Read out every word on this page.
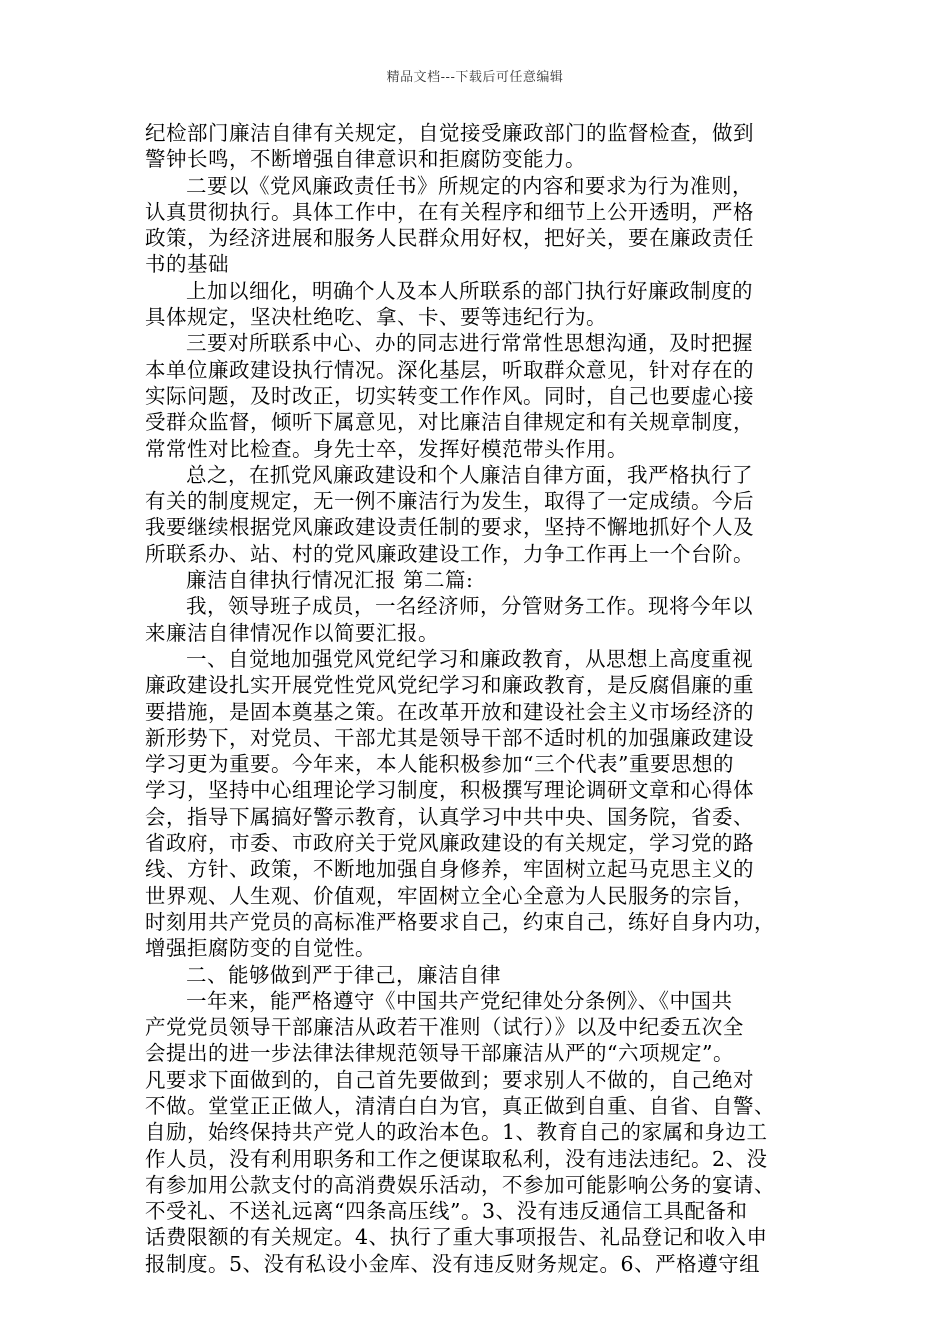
精品文档---下载后可任意编辑
纪检部门廉洁自律有关规定，自觉接受廉政部门的监督检查，做到
警钟长鸣，不断增强自律意识和拒腐防变能力。
二要以《党风廉政责任书》所规定的内容和要求为行为准则，
认真贯彻执行。具体工作中，在有关程序和细节上公开透明，严格
政策，为经济进展和服务人民群众用好权，把好关，要在廉政责任
书的基础
上加以细化，明确个人及本人所联系的部门执行好廉政制度的
具体规定，坚决杜绝吃、拿、卡、要等违纪行为。
三要对所联系中心、办的同志进行常常性思想沟通，及时把握
本单位廉政建设执行情况。深化基层，听取群众意见，针对存在的
实际问题，及时改正，切实转变工作作风。同时，自己也要虚心接
受群众监督，倾听下属意见，对比廉洁自律规定和有关规章制度，
常常性对比检查。身先士卒，发挥好模范带头作用。
总之，在抓党风廉政建设和个人廉洁自律方面，我严格执行了
有关的制度规定，无一例不廉洁行为发生，取得了一定成绩。今后
我要继续根据党风廉政建设责任制的要求，坚持不懈地抓好个人及
所联系办、站、村的党风廉政建设工作，力争工作再上一个台阶。
廉洁自律执行情况汇报 第二篇:
我，领导班子成员，一名经济师，分管财务工作。现将今年以
来廉洁自律情况作以简要汇报。
一、自觉地加强党风党纪学习和廉政教育，从思想上高度重视
廉政建设扎实开展党性党风党纪学习和廉政教育，是反腐倡廉的重
要措施，是固本奠基之策。在改革开放和建设社会主义市场经济的
新形势下，对党员、干部尤其是领导干部不适时机的加强廉政建设
学习更为重要。今年来，本人能积极参加“三个代表”重要思想的
学习，坚持中心组理论学习制度，积极撰写理论调研文章和心得体
会，指导下属搞好警示教育，认真学习中共中央、国务院，省委、
省政府，市委、市政府关于党风廉政建设的有关规定，学习党的路
线、方针、政策，不断地加强自身修养，牢固树立起马克思主义的
世界观、人生观、价值观，牢固树立全心全意为人民服务的宗旨，
时刻用共产党员的高标准严格要求自己，约束自己，练好自身内功，
增强拒腐防变的自觉性。
二、能够做到严于律己，廉洁自律
一年来，能严格遵守《中国共产党纪律处分条例》、《中国共
产党党员领导干部廉洁从政若干准则（试行）》以及中纪委五次全
会提出的进一步法律法律规范领导干部廉洁从严的“六项规定”。
凡要求下面做到的，自己首先要做到；要求别人不做的，自己绝对
不做。堂堂正正做人，清清白白为官，真正做到自重、自省、自警、
自励，始终保持共产党人的政治本色。1、教育自己的家属和身边工
作人员，没有利用职务和工作之便谋取私利，没有违法违纪。2、没
有参加用公款支付的高消费娱乐活动，不参加可能影响公务的宴请、
不受礼、不送礼远离“四条高压线”。3、没有违反通信工具配备和
话费限额的有关规定。4、执行了重大事项报告、礼品登记和收入申
报制度。5、没有私设小金库、没有违反财务规定。6、严格遵守组
